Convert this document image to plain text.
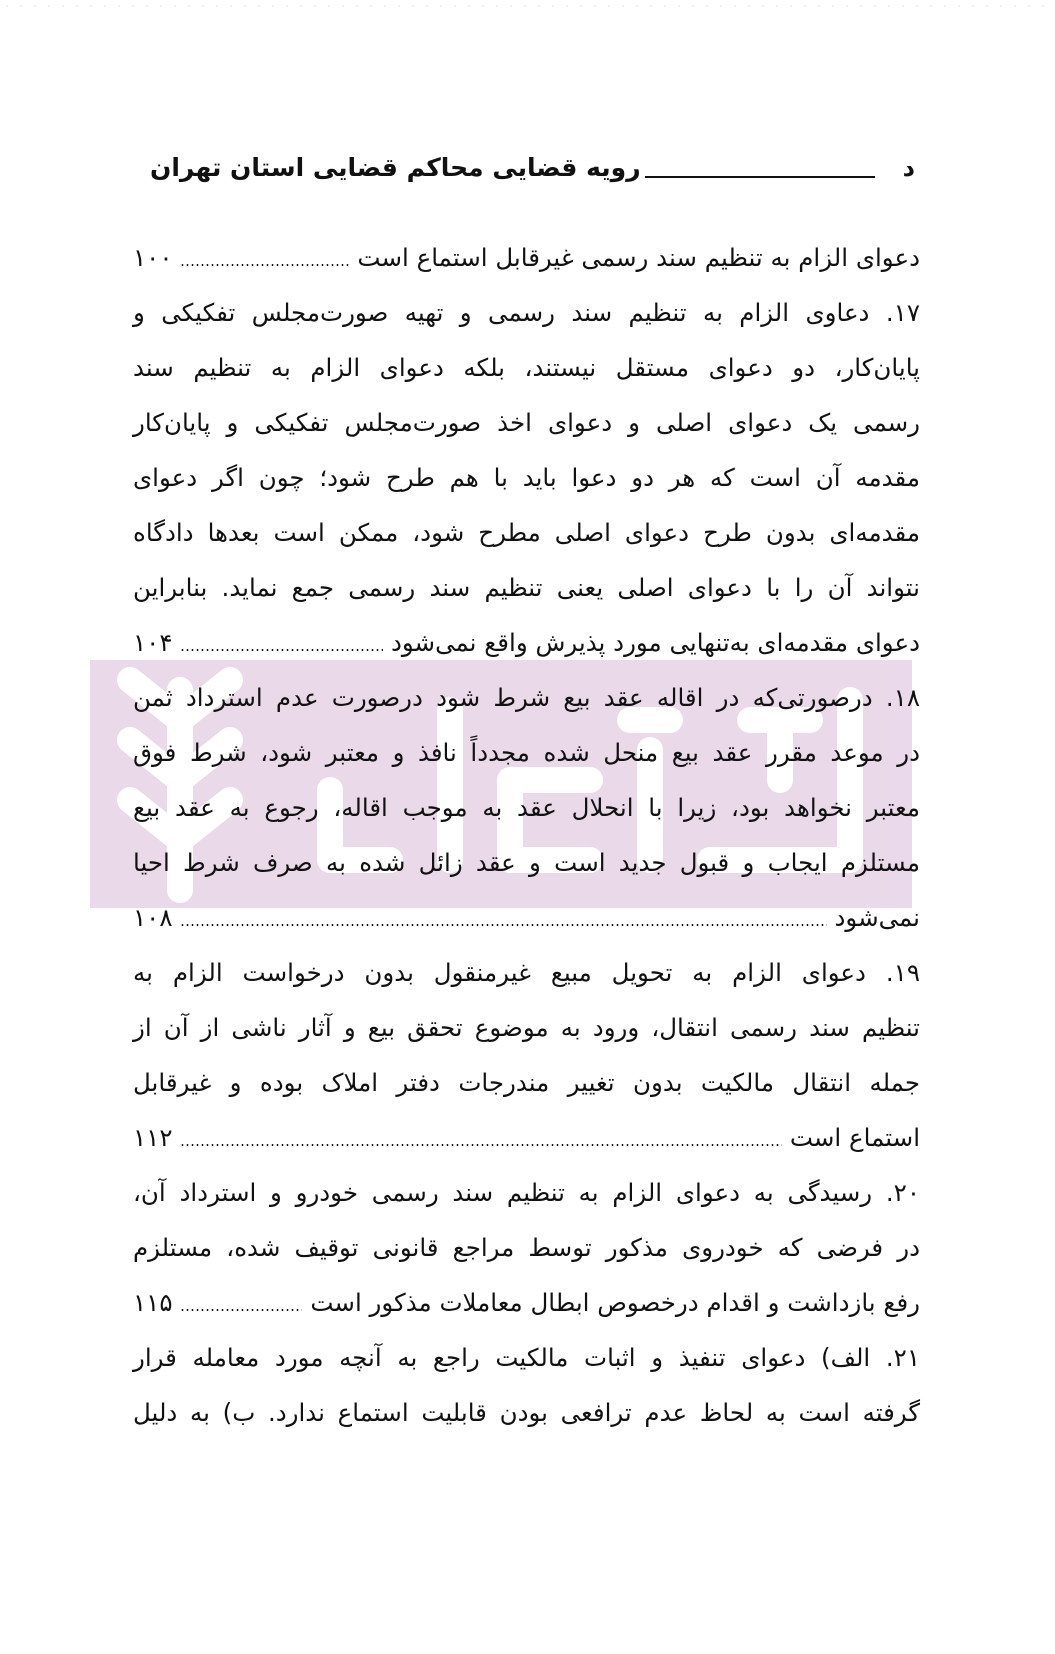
د
رویه قضایی محاکم قضایی استان تهران
دعوای الزام به تنظیم سند رسمی غیرقابل استماع است
۱۰۰
۱۷. دعاوی الزام به تنظیم سند رسمی و تهیه صورت‌مجلس تفکیکی و
پایان‌کار، دو دعوای مستقل نیستند، بلکه دعوای الزام به تنظیم سند
رسمی یک دعوای اصلی و دعوای اخذ صورت‌مجلس تفکیکی و پایان‌کار
مقدمه آن است که هر دو دعوا باید با هم طرح شود؛ چون اگر دعوای
مقدمه‌ای بدون طرح دعوای اصلی مطرح شود، ممکن است بعدها دادگاه
نتواند آن را با دعوای اصلی یعنی تنظیم سند رسمی جمع نماید. بنابراین
دعوای مقدمه‌ای به‌تنهایی مورد پذیرش واقع نمی‌شود
۱۰۴
۱۸. درصورتی‌که در اقاله عقد بیع شرط شود درصورت عدم استرداد ثمن
در موعد مقرر عقد بیع منحل شده مجدداً نافذ و معتبر شود، شرط فوق
معتبر نخواهد بود، زیرا با انحلال عقد به موجب اقاله، رجوع به عقد بیع
مستلزم ایجاب و قبول جدید است و عقد زائل شده به صرف شرط احیا
نمی‌شود
۱۰۸
۱۹. دعوای الزام به تحویل مبیع غیرمنقول بدون درخواست الزام به
تنظیم سند رسمی انتقال، ورود به موضوع تحقق بیع و آثار ناشی از آن از
جمله انتقال مالکیت بدون تغییر مندرجات دفتر املاک بوده و غیرقابل
استماع است
۱۱۲
۲۰. رسیدگی به دعوای الزام به تنظیم سند رسمی خودرو و استرداد آن،
در فرضی که خودروی مذکور توسط مراجع قانونی توقیف شده، مستلزم
رفع بازداشت و اقدام درخصوص ابطال معاملات مذکور است
۱۱۵
۲۱. الف) دعوای تنفیذ و اثبات مالکیت راجع به آنچه مورد معامله قرار
گرفته است به لحاظ عدم ترافعی بودن قابلیت استماع ندارد. ب) به دلیل
